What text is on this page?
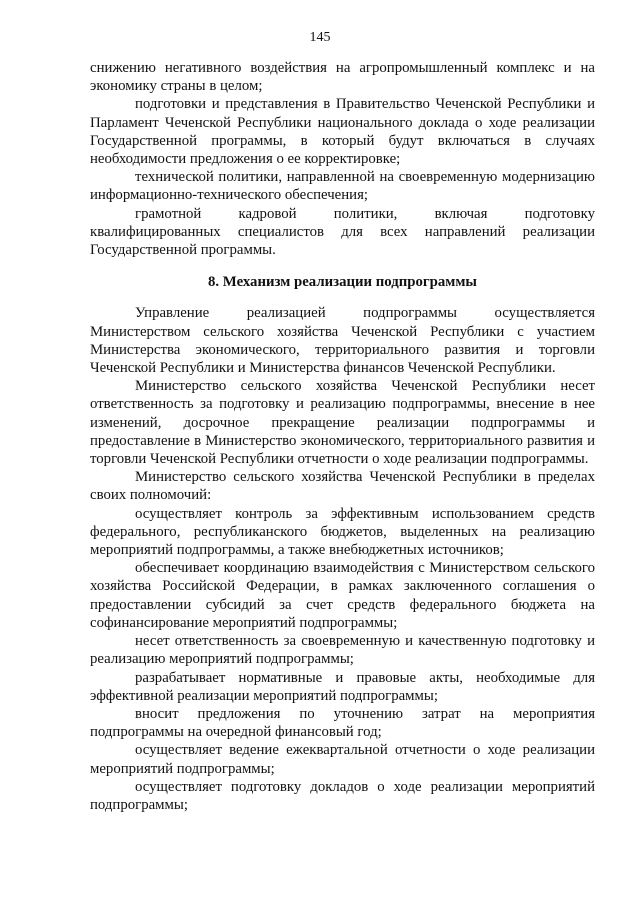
145

снижению негативного воздействия на агропромышленный комплекс и на экономику страны в целом;

подготовки и представления в Правительство Чеченской Республики и Парламент Чеченской Республики национального доклада о ходе реализации Государственной программы, в который будут включаться в случаях необходимости предложения о ее корректировке;

технической политики, направленной на своевременную модернизацию информационно-технического обеспечения;

грамотной кадровой политики, включая подготовку квалифицированных специалистов для всех направлений реализации Государственной программы.

8. Механизм реализации подпрограммы

Управление реализацией подпрограммы осуществляется Министерством сельского хозяйства Чеченской Республики с участием Министерства экономического, территориального развития и торговли Чеченской Республики и Министерства финансов Чеченской Республики.

Министерство сельского хозяйства Чеченской Республики несет ответственность за подготовку и реализацию подпрограммы, внесение в нее изменений, досрочное прекращение реализации подпрограммы и предоставление в Министерство экономического, территориального развития и торговли Чеченской Республики отчетности о ходе реализации подпрограммы.

Министерство сельского хозяйства Чеченской Республики в пределах своих полномочий:

осуществляет контроль за эффективным использованием средств федерального, республиканского бюджетов, выделенных на реализацию мероприятий подпрограммы, а также внебюджетных источников;

обеспечивает координацию взаимодействия с Министерством сельского хозяйства Российской Федерации, в рамках заключенного соглашения о предоставлении субсидий за счет средств федерального бюджета на софинансирование мероприятий подпрограммы;

несет ответственность за своевременную и качественную подготовку и реализацию мероприятий подпрограммы;

разрабатывает нормативные и правовые акты, необходимые для эффективной реализации мероприятий подпрограммы;

вносит предложения по уточнению затрат на мероприятия подпрограммы на очередной финансовый год;

осуществляет ведение ежеквартальной отчетности о ходе реализации мероприятий подпрограммы;

осуществляет подготовку докладов о ходе реализации мероприятий подпрограммы;
